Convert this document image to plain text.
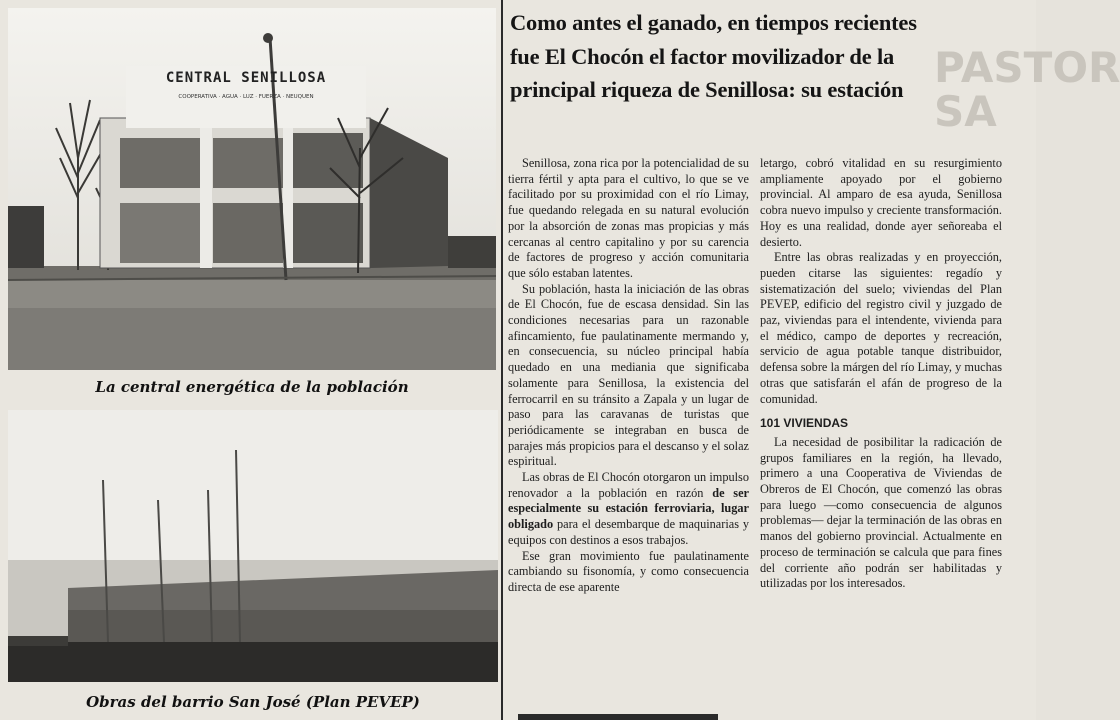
CENTRAL SENILLOSA
COOPERATIVA · AGUA · LUZ · FUERZA · NEUQUEN
La central energética de la población
Obras del barrio San José (Plan PEVEP)
PASTOR
SA
Como antes el ganado, en tiempos recientes
fue El Chocón el factor movilizador de la
principal riqueza de Senillosa: su estación

Senillosa, zona rica por la potencialidad de su tierra fértil y apta para el cultivo, lo que se ve facilitado por su proximidad con el río Limay, fue quedando relegada en su natural evolución por la absorción de zonas mas propicias y más cercanas al centro capitalino y por su carencia de factores de progreso y acción comunitaria que sólo estaban latentes.

Su población, hasta la iniciación de las obras de El Chocón, fue de escasa densidad. Sin las condiciones necesarias para un razonable afincamiento, fue paulatinamente mermando y, en consecuencia, su núcleo principal había quedado en una mediania que significaba solamente para Senillosa, la existencia del ferrocarril en su tránsito a Zapala y un lugar de paso para las caravanas de turistas que periódicamente se integraban en busca de parajes más propicios para el descanso y el solaz espiritual.

Las obras de El Chocón otorgaron un impulso renovador a la población en razón de ser especialmente su estación ferroviaria, lugar obligado para el desembarque de maquinarias y equipos con destinos a esos trabajos.

Ese gran movimiento fue paulatinamente cambiando su fisonomía, y como consecuencia directa de ese aparente

letargo, cobró vitalidad en su resurgimiento ampliamente apoyado por el gobierno provincial. Al amparo de esa ayuda, Senillosa cobra nuevo impulso y creciente transformación. Hoy es una realidad, donde ayer señoreaba el desierto.

Entre las obras realizadas y en proyección, pueden citarse las siguientes: regadío y sistematización del suelo; viviendas del Plan PEVEP, edificio del registro civil y juzgado de paz, viviendas para el intendente, vivienda para el médico, campo de deportes y recreación, servicio de agua potable tanque distribuidor, defensa sobre la márgen del río Limay, y muchas otras que satisfarán el afán de progreso de la comunidad.

101 VIVIENDAS

La necesidad de posibilitar la radicación de grupos familiares en la región, ha llevado, primero a una Cooperativa de Viviendas de Obreros de El Chocón, que comenzó las obras para luego —como consecuencia de algunos problemas— dejar la terminación de las obras en manos del gobierno provincial. Actualmente en proceso de terminación se calcula que para fines del corriente año podrán ser habilitadas y utilizadas por los interesados.
